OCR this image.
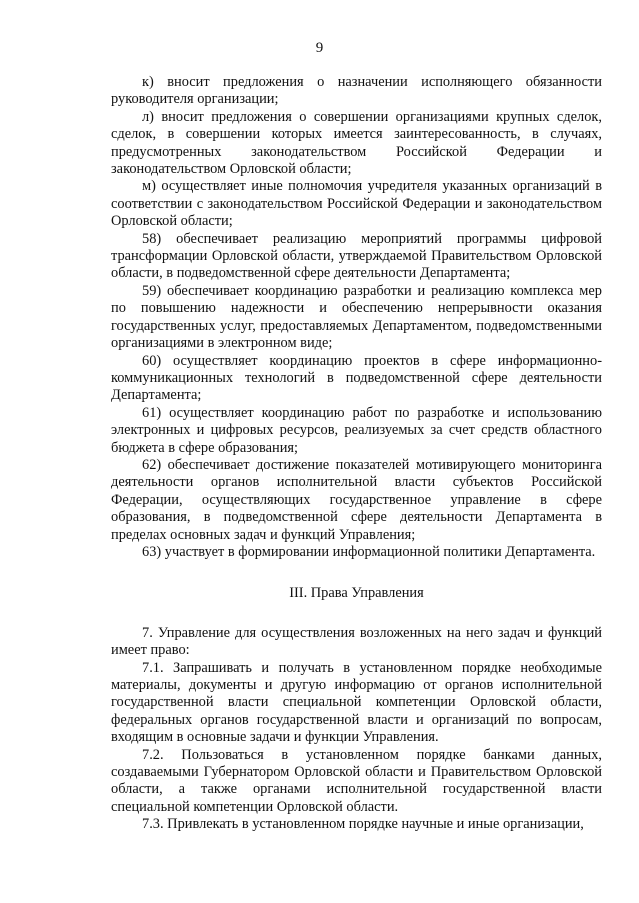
9

к) вносит предложения о назначении исполняющего обязанности руководителя организации;

л) вносит предложения о совершении организациями крупных сделок, сделок, в совершении которых имеется заинтересованность, в случаях, предусмотренных законодательством Российской Федерации и законодательством Орловской области;

м) осуществляет иные полномочия учредителя указанных организаций в соответствии с законодательством Российской Федерации и законодательством Орловской области;

58) обеспечивает реализацию мероприятий программы цифровой трансформации Орловской области, утверждаемой Правительством Орловской области, в подведомственной сфере деятельности Департамента;

59) обеспечивает координацию разработки и реализацию комплекса мер по повышению надежности и обеспечению непрерывности оказания государственных услуг, предоставляемых Департаментом, подведомственными организациями в электронном виде;

60) осуществляет координацию проектов в сфере информационно-коммуникационных технологий в подведомственной сфере деятельности Департамента;

61) осуществляет координацию работ по разработке и использованию электронных и цифровых ресурсов, реализуемых за счет средств областного бюджета в сфере образования;

62) обеспечивает достижение показателей мотивирующего мониторинга деятельности органов исполнительной власти субъектов Российской Федерации, осуществляющих государственное управление в сфере образования, в подведомственной сфере деятельности Департамента в пределах основных задач и функций Управления;

63) участвует в формировании информационной политики Департамента.

III. Права Управления

7. Управление для осуществления возложенных на него задач и функций имеет право:

7.1. Запрашивать и получать в установленном порядке необходимые материалы, документы и другую информацию от органов исполнительной государственной власти специальной компетенции Орловской области, федеральных органов государственной власти и организаций по вопросам, входящим в основные задачи и функции Управления.

7.2. Пользоваться в установленном порядке банками данных, создаваемыми Губернатором Орловской области и Правительством Орловской области, а также органами исполнительной государственной власти специальной компетенции Орловской области.

7.3. Привлекать в установленном порядке научные и иные организации,
